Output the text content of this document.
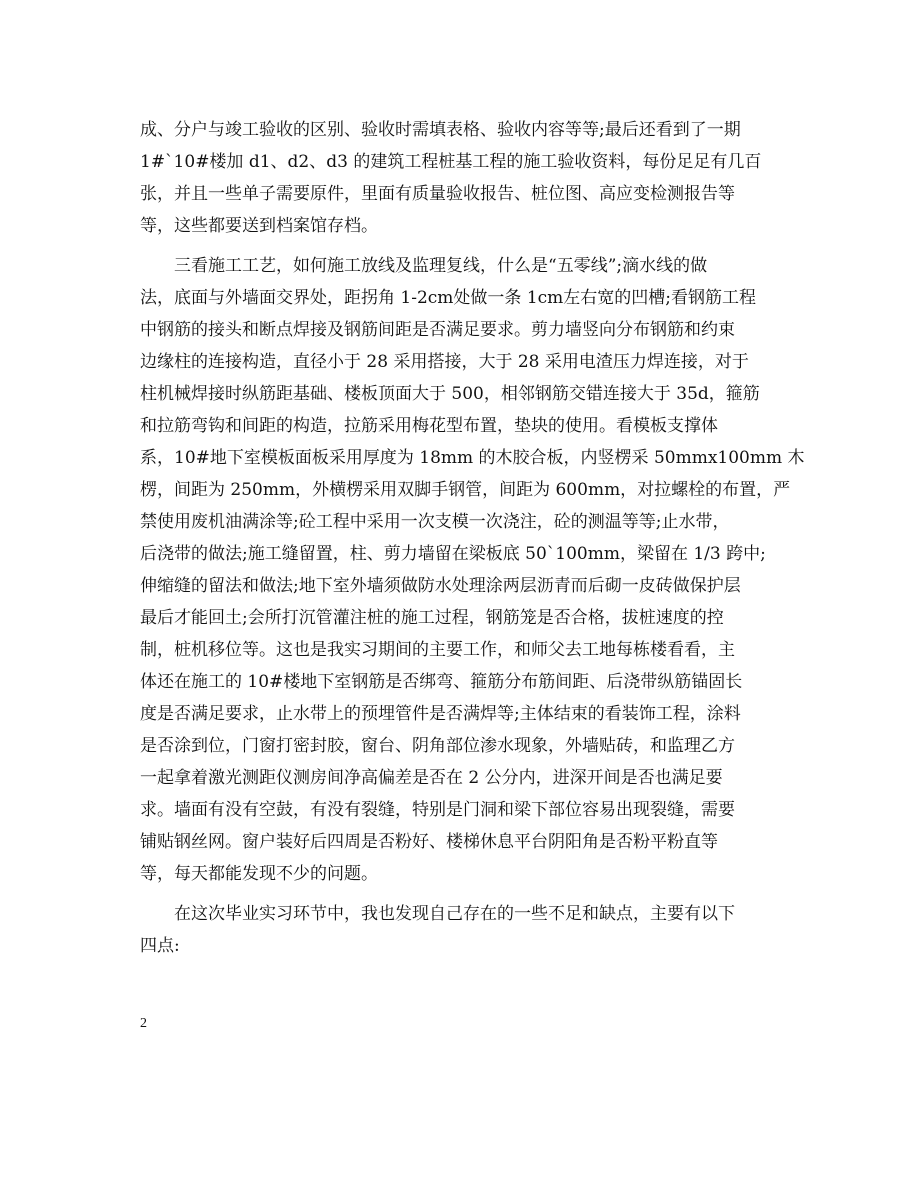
成、分户与竣工验收的区别、验收时需填表格、验收内容等等;最后还看到了一期
1#`10#楼加 d1、d2、d3 的建筑工程桩基工程的施工验收资料，每份足足有几百
张，并且一些单子需要原件，里面有质量验收报告、桩位图、高应变检测报告等
等，这些都要送到档案馆存档。
三看施工工艺，如何施工放线及监理复线，什么是“五零线”;滴水线的做
法，底面与外墙面交界处，距拐角 1-2cm处做一条 1cm左右宽的凹槽;看钢筋工程
中钢筋的接头和断点焊接及钢筋间距是否满足要求。剪力墙竖向分布钢筋和约束
边缘柱的连接构造，直径小于 28 采用搭接，大于 28 采用电渣压力焊连接，对于
柱机械焊接时纵筋距基础、楼板顶面大于 500，相邻钢筋交错连接大于 35d，箍筋
和拉筋弯钩和间距的构造，拉筋采用梅花型布置，垫块的使用。看模板支撑体
系，10#地下室模板面板采用厚度为 18mm 的木胶合板，内竖楞采 50mmx100mm 木
楞，间距为 250mm，外横楞采用双脚手钢管，间距为 600mm，对拉螺栓的布置，严
禁使用废机油满涂等;砼工程中采用一次支模一次浇注，砼的测温等等;止水带，
后浇带的做法;施工缝留置，柱、剪力墙留在梁板底 50`100mm，梁留在 1/3 跨中;
伸缩缝的留法和做法;地下室外墙须做防水处理涂两层沥青而后砌一皮砖做保护层
最后才能回土;会所打沉管灌注桩的施工过程，钢筋笼是否合格，拔桩速度的控
制，桩机移位等。这也是我实习期间的主要工作，和师父去工地每栋楼看看，主
体还在施工的 10#楼地下室钢筋是否绑弯、箍筋分布筋间距、后浇带纵筋锚固长
度是否满足要求，止水带上的预埋管件是否满焊等;主体结束的看装饰工程，涂料
是否涂到位，门窗打密封胶，窗台、阴角部位渗水现象，外墙贴砖，和监理乙方
一起拿着激光测距仪测房间净高偏差是否在 2 公分内，进深开间是否也满足要
求。墙面有没有空鼓，有没有裂缝，特别是门洞和梁下部位容易出现裂缝，需要
铺贴钢丝网。窗户装好后四周是否粉好、楼梯休息平台阴阳角是否粉平粉直等
等，每天都能发现不少的问题。
在这次毕业实习环节中，我也发现自己存在的一些不足和缺点，主要有以下
四点:
2
